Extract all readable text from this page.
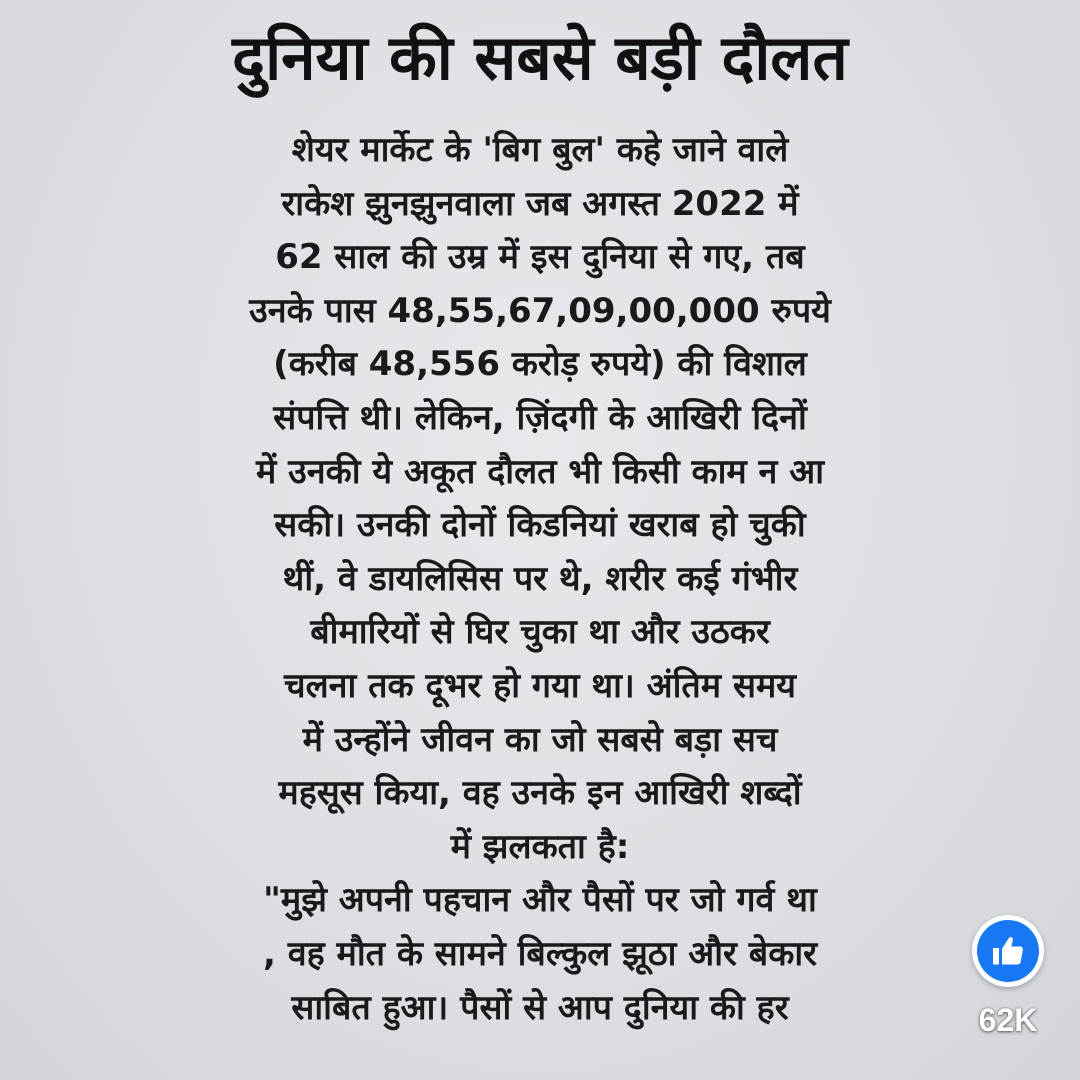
दुनिया की सबसे बड़ी दौलत
शेयर मार्केट के 'बिग बुल' कहे जाने वाले
राकेश झुनझुनवाला जब अगस्त 2022 में
62 साल की उम्र में इस दुनिया से गए, तब
उनके पास 48,55,67,09,00,000 रुपये
(करीब 48,556 करोड़ रुपये) की विशाल
संपत्ति थी। लेकिन, ज़िंदगी के आखिरी दिनों
में उनकी ये अकूत दौलत भी किसी काम न आ
सकी। उनकी दोनों किडनियां खराब हो चुकी
थीं, वे डायलिसिस पर थे, शरीर कई गंभीर
बीमारियों से घिर चुका था और उठकर
चलना तक दूभर हो गया था। अंतिम समय
में उन्होंने जीवन का जो सबसे बड़ा सच
महसूस किया, वह उनके इन आखिरी शब्दों
में झलकता है:
"मुझे अपनी पहचान और पैसों पर जो गर्व था
, वह मौत के सामने बिल्कुल झूठा और बेकार
साबित हुआ। पैसों से आप दुनिया की हर	62K
